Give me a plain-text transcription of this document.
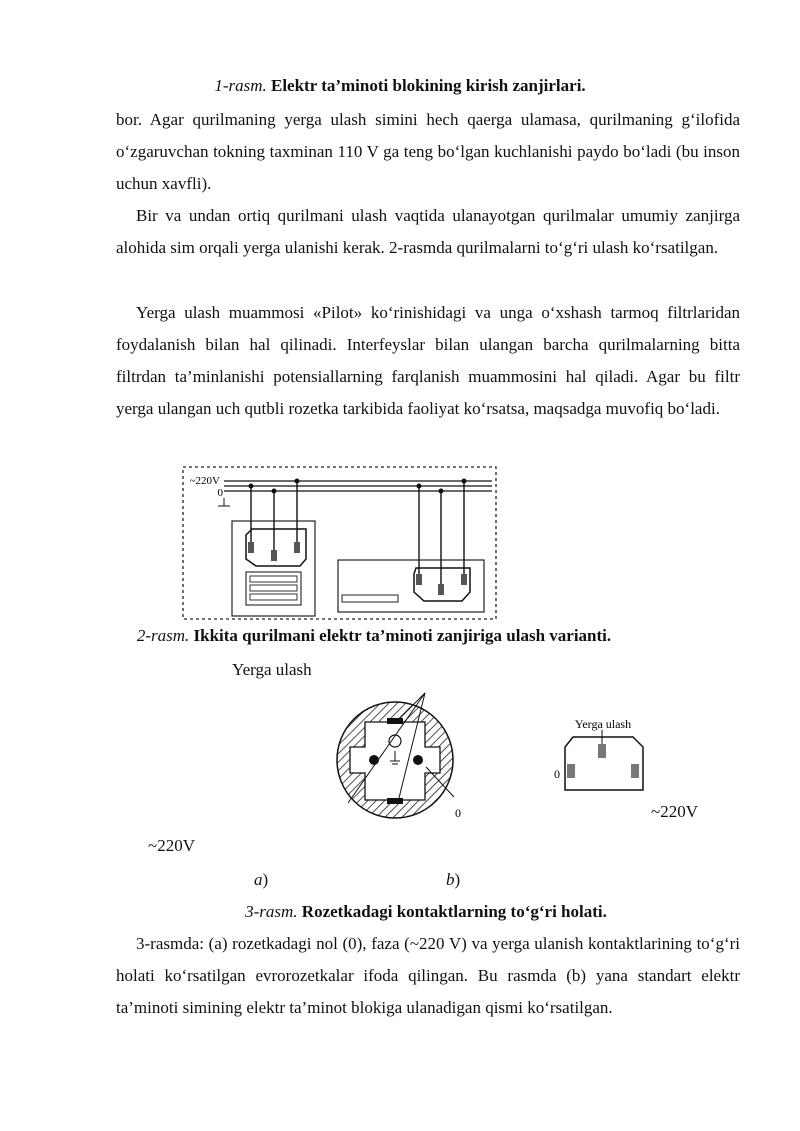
1-rasm. Elektr ta’minoti blokining kirish zanjirlari.

bor. Agar qurilmaning yerga ulash simini hech qaerga ulamasa, qurilmaning g‘ilofida o‘zgaruvchan tokning taxminan 110 V ga teng bo‘lgan kuchlanishi paydo bo‘ladi (bu inson uchun xavfli).

Bir va undan ortiq qurilmani ulash vaqtida ulanayotgan qurilmalar umumiy zanjirga alohida sim orqali yerga ulanishi kerak. 2-rasmda qurilmalarni to‘g‘ri ulash ko‘rsatilgan.

Yerga ulash muammosi «Pilot» ko‘rinishidagi va unga o‘xshash tarmoq filtrlaridan foydalanish bilan hal qilinadi. Interfeyslar bilan ulangan barcha qurilmalarning bitta filtrdan ta’minlanishi potensiallarning farqlanish muammosini hal qiladi. Agar bu filtr yerga ulangan uch qutbli rozetka tarkibida faoliyat ko‘rsatsa, maqsadga muvofiq bo‘ladi.

~220V
0
2-rasm. Ikkita qurilmani elektr ta’minoti zanjiriga ulash varianti.
Yerga ulash
0
Yerga ulash
0
~220V
~220V
a)	b)
3-rasm. Rozetkadagi kontaktlarning to‘g‘ri holati.

3-rasmda: (a) rozetkadagi nol (0), faza (~220 V) va yerga ulanish kontaktlarining to‘g‘ri holati ko‘rsatilgan evrorozetkalar ifoda qilingan. Bu rasmda (b) yana standart elektr ta’minoti simining elektr ta’minot blokiga ulanadigan qismi ko‘rsatilgan.
